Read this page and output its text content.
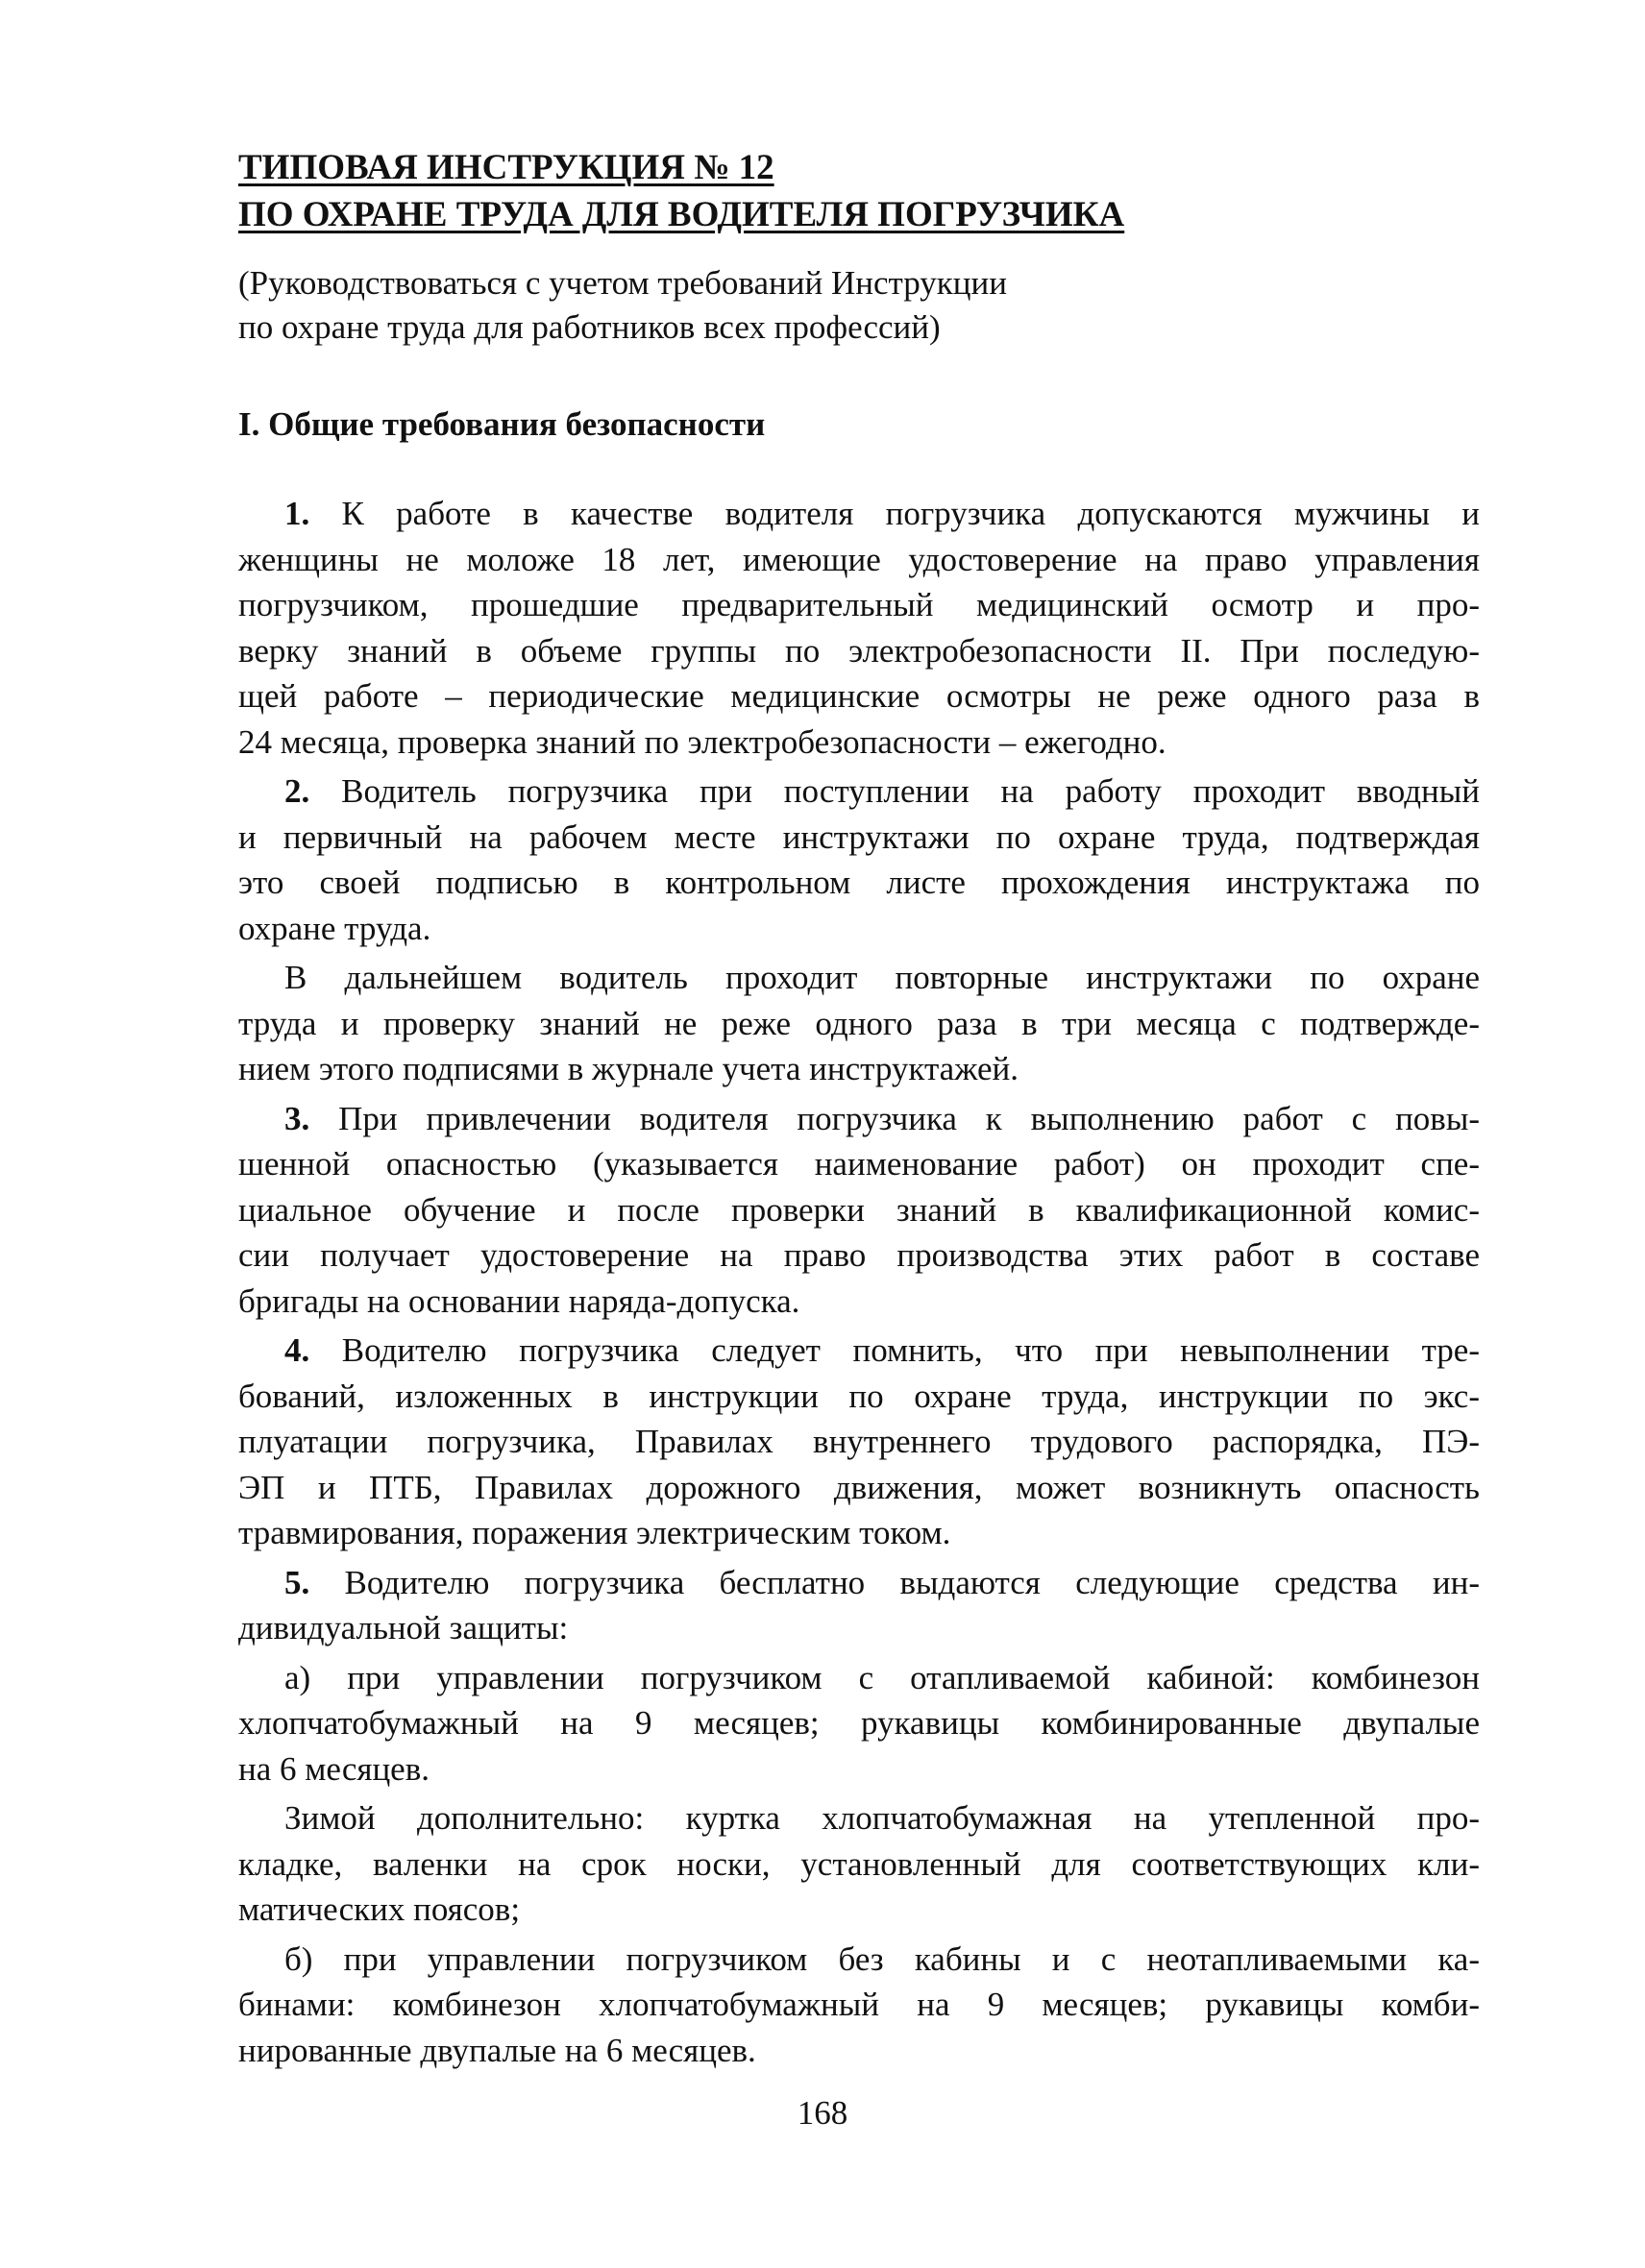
ТИПОВАЯ ИНСТРУКЦИЯ № 12
ПО ОХРАНЕ ТРУДА ДЛЯ ВОДИТЕЛЯ ПОГРУЗЧИКА
(Руководствоваться с учетом требований Инструкции
по охране труда для работников всех профессий)
I. Общие требования безопасности
1. К работе в качестве водителя погрузчика допускаются мужчины и
женщины не моложе 18 лет, имеющие удостоверение на право управления
погрузчиком, прошедшие предварительный медицинский осмотр и про-
верку знаний в объеме группы по электробезопасности II. При последую-
щей работе – периодические медицинские осмотры не реже одного раза в
24 месяца, проверка знаний по электробезопасности – ежегодно.
2. Водитель погрузчика при поступлении на работу проходит вводный
и первичный на рабочем месте инструктажи по охране труда, подтверждая
это своей подписью в контрольном листе прохождения инструктажа по
охране труда.
В дальнейшем водитель проходит повторные инструктажи по охране
труда и проверку знаний не реже одного раза в три месяца с подтвержде-
нием этого подписями в журнале учета инструктажей.
3. При привлечении водителя погрузчика к выполнению работ с повы-
шенной опасностью (указывается наименование работ) он проходит спе-
циальное обучение и после проверки знаний в квалификационной комис-
сии получает удостоверение на право производства этих работ в составе
бригады на основании наряда-допуска.
4. Водителю погрузчика следует помнить, что при невыполнении тре-
бований, изложенных в инструкции по охране труда, инструкции по экс-
плуатации погрузчика, Правилах внутреннего трудового распорядка, ПЭ-
ЭП и ПТБ, Правилах дорожного движения, может возникнуть опасность
травмирования, поражения электрическим током.
5. Водителю погрузчика бесплатно выдаются следующие средства ин-
дивидуальной защиты:
а) при управлении погрузчиком с отапливаемой кабиной: комбинезон
хлопчатобумажный на 9 месяцев; рукавицы комбинированные двупалые
на 6 месяцев.
Зимой дополнительно: куртка хлопчатобумажная на утепленной про-
кладке, валенки на срок носки, установленный для соответствующих кли-
матических поясов;
б) при управлении погрузчиком без кабины и с неотапливаемыми ка-
бинами: комбинезон хлопчатобумажный на 9 месяцев; рукавицы комби-
нированные двупалые на 6 месяцев.
168
